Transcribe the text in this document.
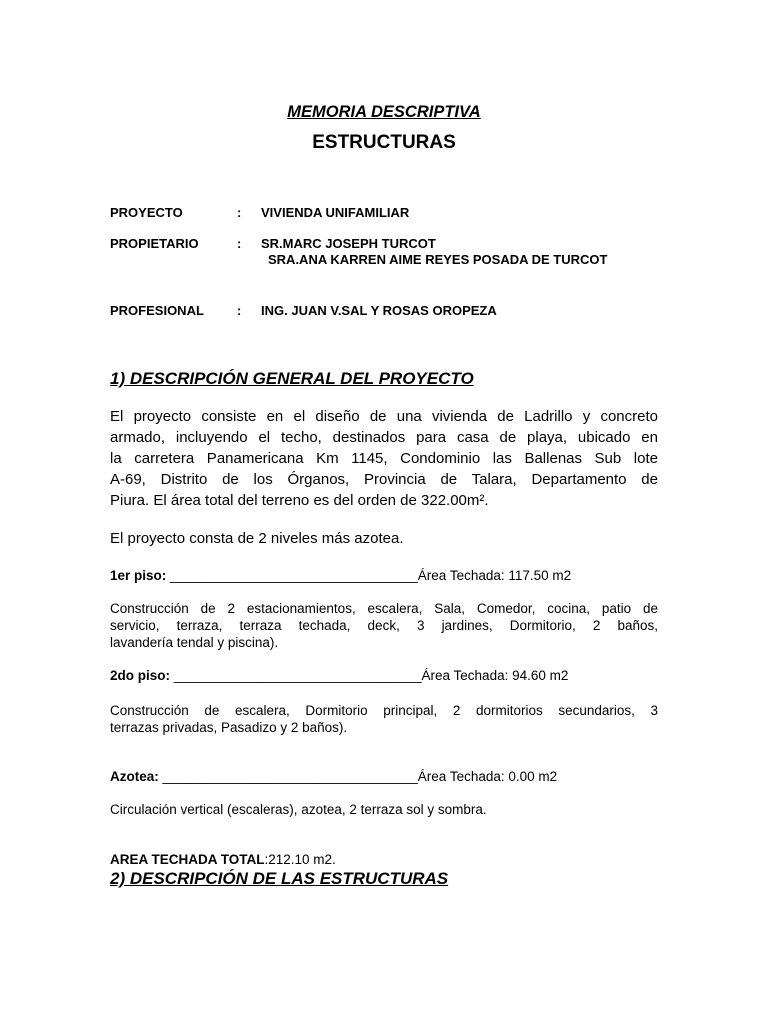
MEMORIA DESCRIPTIVA
ESTRUCTURAS
PROYECTO	: VIVIENDA UNIFAMILIAR
PROPIETARIO	: SR.MARC JOSEPH TURCOT
SRA.ANA KARREN AIME REYES POSADA DE TURCOT
PROFESIONAL	: ING. JUAN V.SAL Y ROSAS OROPEZA
1) DESCRIPCIÓN GENERAL DEL PROYECTO
El proyecto consiste en el diseño de una vivienda de Ladrillo y concreto
armado, incluyendo el techo, destinados para casa de playa, ubicado en
la carretera Panamericana Km 1145, Condominio las Ballenas Sub lote
A-69, Distrito de los Órganos, Provincia de Talara, Departamento de
Piura. El área total del terreno es del orden de 322.00m².
El proyecto consta de 2 niveles más azotea.
1er piso: _________________________________Área Techada: 117.50 m2
Construcción de 2 estacionamientos, escalera, Sala, Comedor, cocina, patio de
servicio, terraza, terraza techada, deck, 3 jardines, Dormitorio, 2 baños,
lavandería tendal y piscina).
2do piso: _________________________________Área Techada: 94.60 m2
Construcción de escalera, Dormitorio principal, 2 dormitorios secundarios, 3
terrazas privadas, Pasadizo y 2 baños).
Azotea: __________________________________Área Techada: 0.00 m2
Circulación vertical (escaleras), azotea, 2 terraza sol y sombra.
AREA TECHADA TOTAL:212.10 m2.
2) DESCRIPCIÓN DE LAS ESTRUCTURAS
